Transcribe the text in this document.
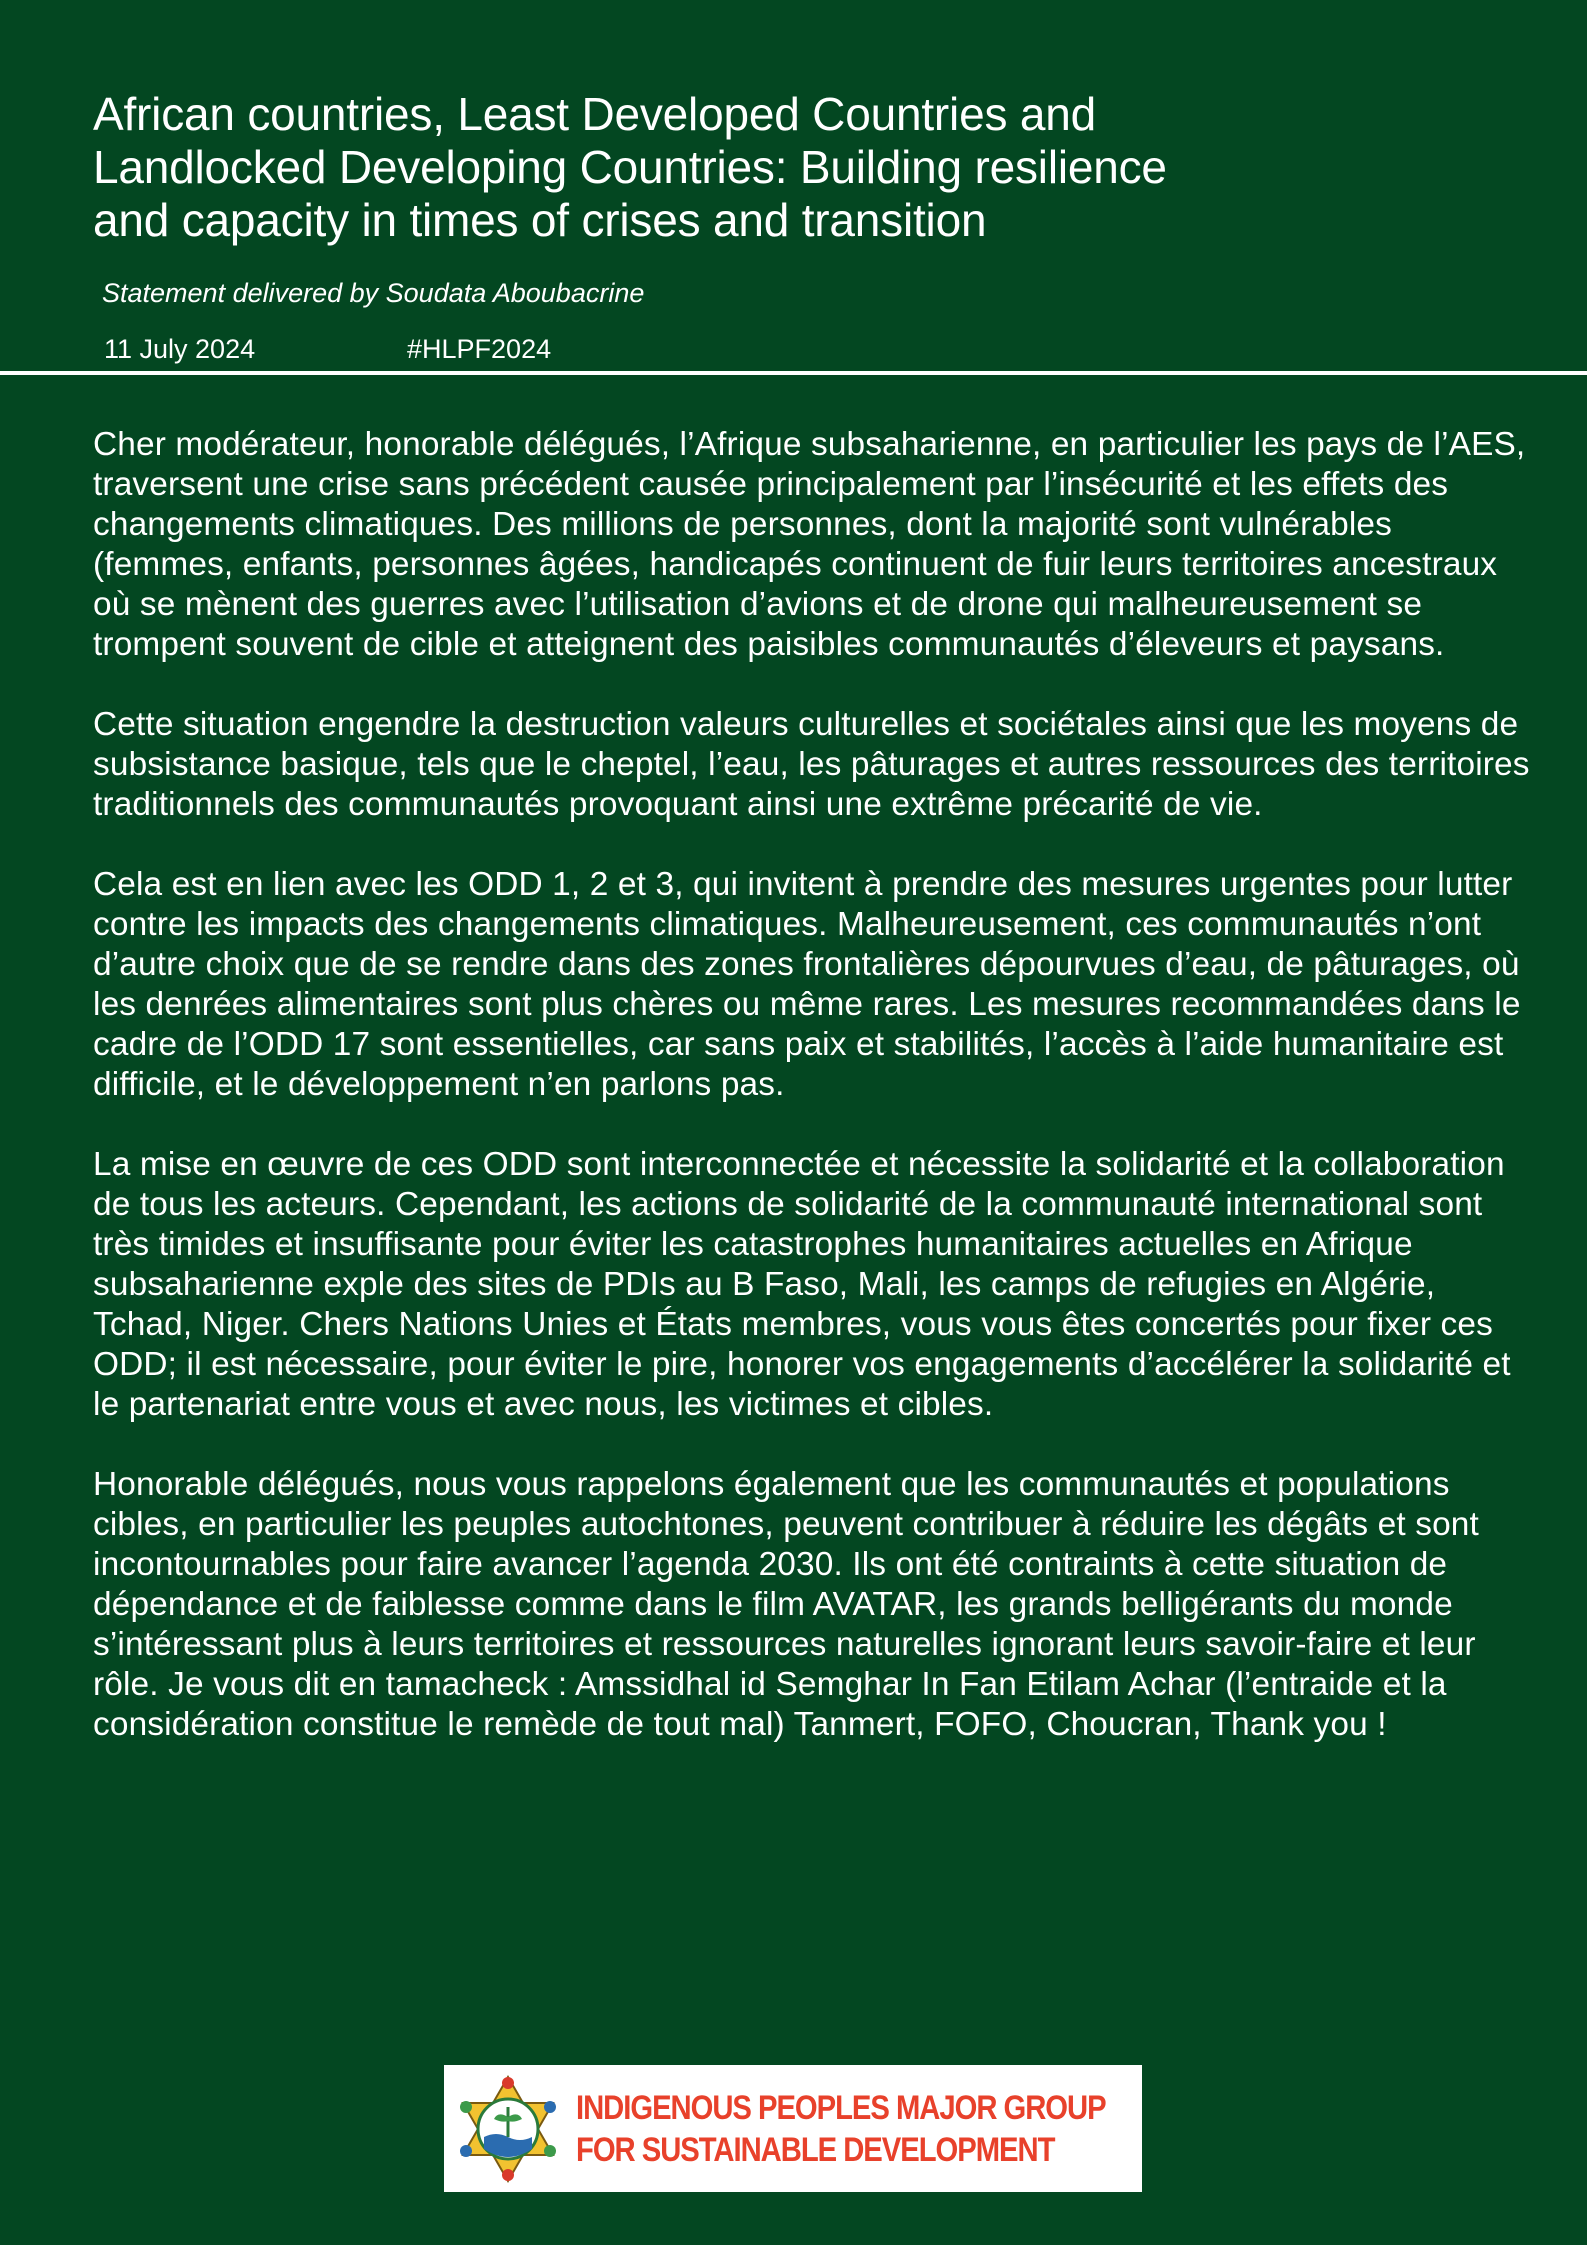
African countries, Least Developed Countries and
Landlocked Developing Countries: Building resilience
and capacity in times of crises and transition
Statement delivered by Soudata Aboubacrine
11 July 2024	#HLPF2024

Cher modérateur, honorable délégués, l’Afrique subsaharienne, en particulier les pays de l’AES, traversent une crise sans précédent causée principalement par l’insécurité et les effets des changements climatiques. Des millions de personnes, dont la majorité sont vulnérables (femmes, enfants, personnes âgées, handicapés continuent de fuir leurs territoires ancestraux où se mènent des guerres avec l’utilisation d’avions et de drone qui malheureusement se trompent souvent de cible et atteignent des paisibles communautés d’éleveurs et paysans.

Cette situation engendre la destruction valeurs culturelles et sociétales ainsi que les moyens de subsistance basique, tels que le cheptel, l’eau, les pâturages et autres ressources des territoires traditionnels des communautés provoquant ainsi une extrême précarité de vie.

Cela est en lien avec les ODD 1, 2 et 3, qui invitent à prendre des mesures urgentes pour lutter contre les impacts des changements climatiques. Malheureusement, ces communautés n’ont d’autre choix que de se rendre dans des zones frontalières dépourvues d’eau, de pâturages, où les denrées alimentaires sont plus chères ou même rares. Les mesures recommandées dans le cadre de l’ODD 17 sont essentielles, car sans paix et stabilités, l’accès à l’aide humanitaire est difficile, et le développement n’en parlons pas.

La mise en œuvre de ces ODD sont interconnectée et nécessite la solidarité et la collaboration de tous les acteurs. Cependant, les actions de solidarité de la communauté international sont très timides et insuffisante pour éviter les catastrophes humanitaires actuelles en Afrique subsaharienne exple des sites de PDIs au B Faso, Mali, les camps de refugies en Algérie, Tchad, Niger. Chers Nations Unies et États membres, vous vous êtes concertés pour fixer ces ODD; il est nécessaire, pour éviter le pire, honorer vos engagements d’accélérer la solidarité et le partenariat entre vous et avec nous, les victimes et cibles.

Honorable délégués, nous vous rappelons également que les communautés et populations cibles, en particulier les peuples autochtones, peuvent contribuer à réduire les dégâts et sont incontournables pour faire avancer l’agenda 2030. Ils ont été contraints à cette situation de dépendance et de faiblesse comme dans le film AVATAR, les grands belligérants du monde s’intéressant plus à leurs territoires et ressources naturelles ignorant leurs savoir-faire et leur rôle. Je vous dit en tamacheck : Amssidhal id Semghar In Fan Etilam Achar (l’entraide et la considération constitue le remède de tout mal) Tanmert, FOFO, Choucran, Thank you !

INDIGENOUS PEOPLES MAJOR GROUP
FOR SUSTAINABLE DEVELOPMENT
